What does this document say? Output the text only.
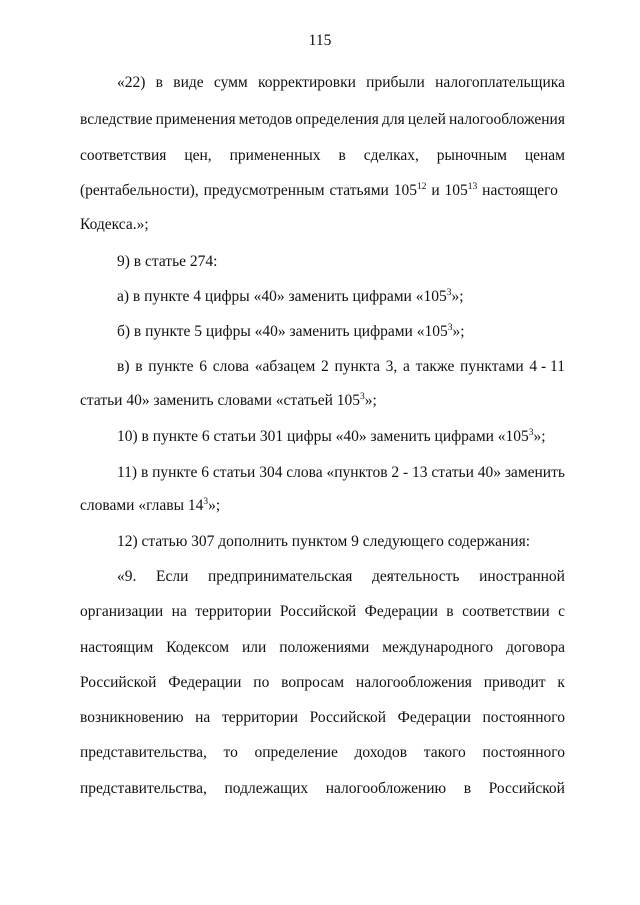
115
«22) в виде сумм корректировки прибыли налогоплательщика
вследствие применения методов определения для целей налогообложения
соответствия цен, примененных в сделках, рыночным ценам
(рентабельности), предусмотренным статьями $105^{12}$ и $105^{13}$ настоящего
Кодекса.»;
9) в статье 274:
а) в пункте 4 цифры «40» заменить цифрами «$105^3$»;
б) в пункте 5 цифры «40» заменить цифрами «$105^3$»;
в) в пункте 6 слова «абзацем 2 пункта 3, а также пунктами 4 - 11
статьи 40» заменить словами «статьей $105^3$»;
10) в пункте 6 статьи 301 цифры «40» заменить цифрами «$105^3$»;
11) в пункте 6 статьи 304 слова «пунктов 2 - 13 статьи 40» заменить
словами «главы $14^3$»;
12) статью 307 дополнить пунктом 9 следующего содержания:
«9. Если предпринимательская деятельность иностранной
организации на территории Российской Федерации в соответствии с
настоящим Кодексом или положениями международного договора
Российской Федерации по вопросам налогообложения приводит к
возникновению на территории Российской Федерации постоянного
представительства, то определение доходов такого постоянного
представительства, подлежащих налогообложению в Российской
